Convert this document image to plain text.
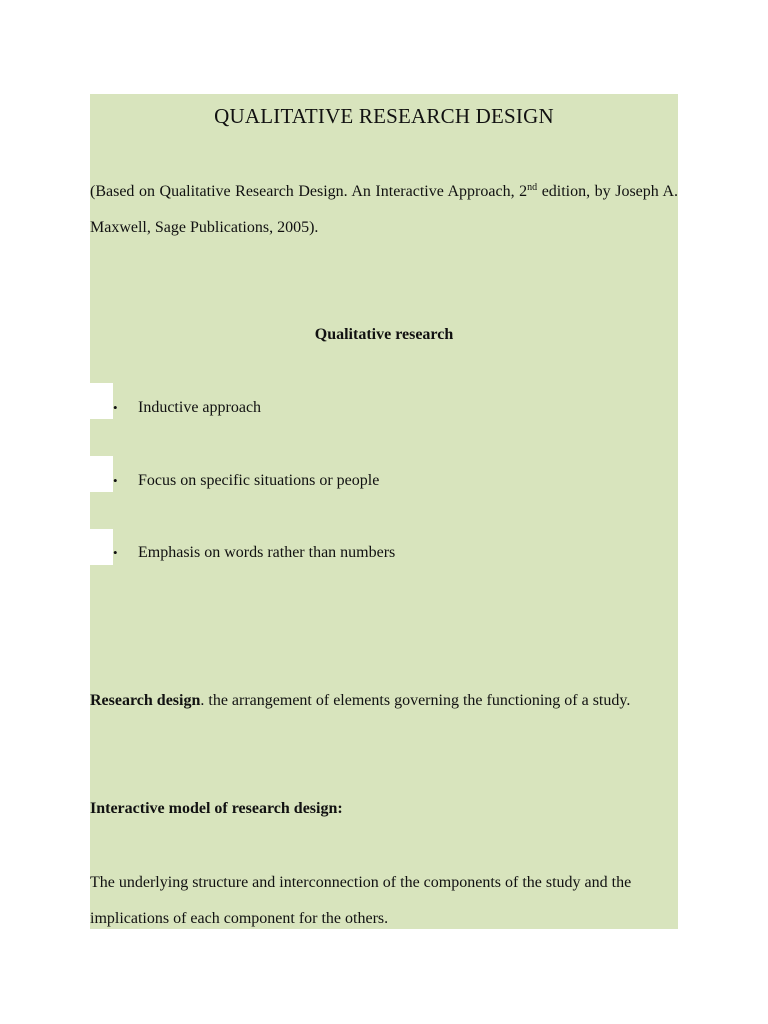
QUALITATIVE RESEARCH DESIGN
(Based on Qualitative Research Design. An Interactive Approach, 2nd edition, by Joseph A. Maxwell, Sage Publications, 2005).
Qualitative research
• Inductive approach
• Focus on specific situations or people
• Emphasis on words rather than numbers
Research design. the arrangement of elements governing the functioning of a study.
Interactive model of research design:
The underlying structure and interconnection of the components of the study and the implications of each component for the others.
